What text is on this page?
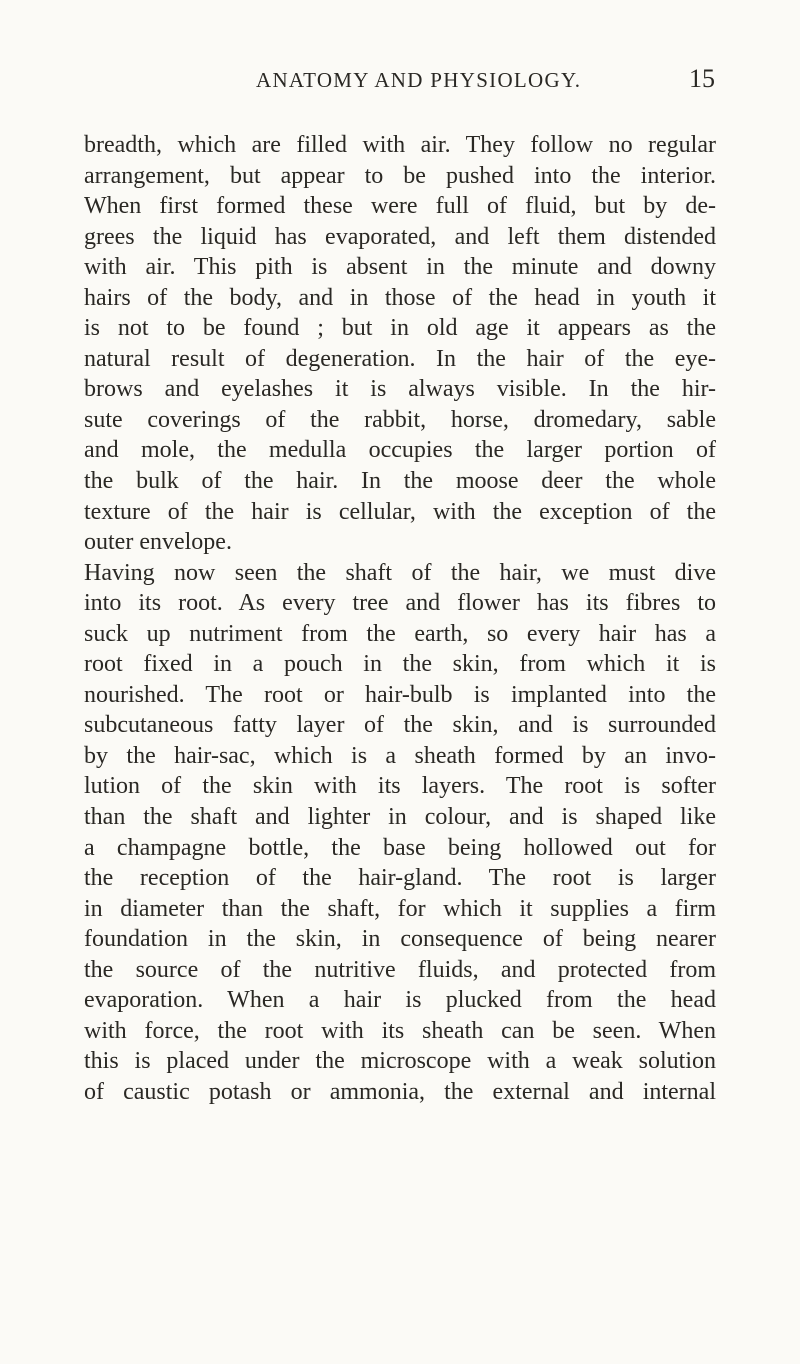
ANATOMY AND PHYSIOLOGY.	15
breadth, which are filled with air. They follow no regular
arrangement, but appear to be pushed into the interior.
When first formed these were full of fluid, but by de-
grees the liquid has evaporated, and left them distended
with air. This pith is absent in the minute and downy
hairs of the body, and in those of the head in youth it
is not to be found ; but in old age it appears as the
natural result of degeneration. In the hair of the eye-
brows and eyelashes it is always visible. In the hir-
sute coverings of the rabbit, horse, dromedary, sable
and mole, the medulla occupies the larger portion of
the bulk of the hair. In the moose deer the whole
texture of the hair is cellular, with the exception of the
outer envelope.
Having now seen the shaft of the hair, we must dive
into its root. As every tree and flower has its fibres to
suck up nutriment from the earth, so every hair has a
root fixed in a pouch in the skin, from which it is
nourished. The root or hair-bulb is implanted into the
subcutaneous fatty layer of the skin, and is surrounded
by the hair-sac, which is a sheath formed by an invo-
lution of the skin with its layers. The root is softer
than the shaft and lighter in colour, and is shaped like
a champagne bottle, the base being hollowed out for
the reception of the hair-gland. The root is larger
in diameter than the shaft, for which it supplies a firm
foundation in the skin, in consequence of being nearer
the source of the nutritive fluids, and protected from
evaporation. When a hair is plucked from the head
with force, the root with its sheath can be seen. When
this is placed under the microscope with a weak solution
of caustic potash or ammonia, the external and internal
